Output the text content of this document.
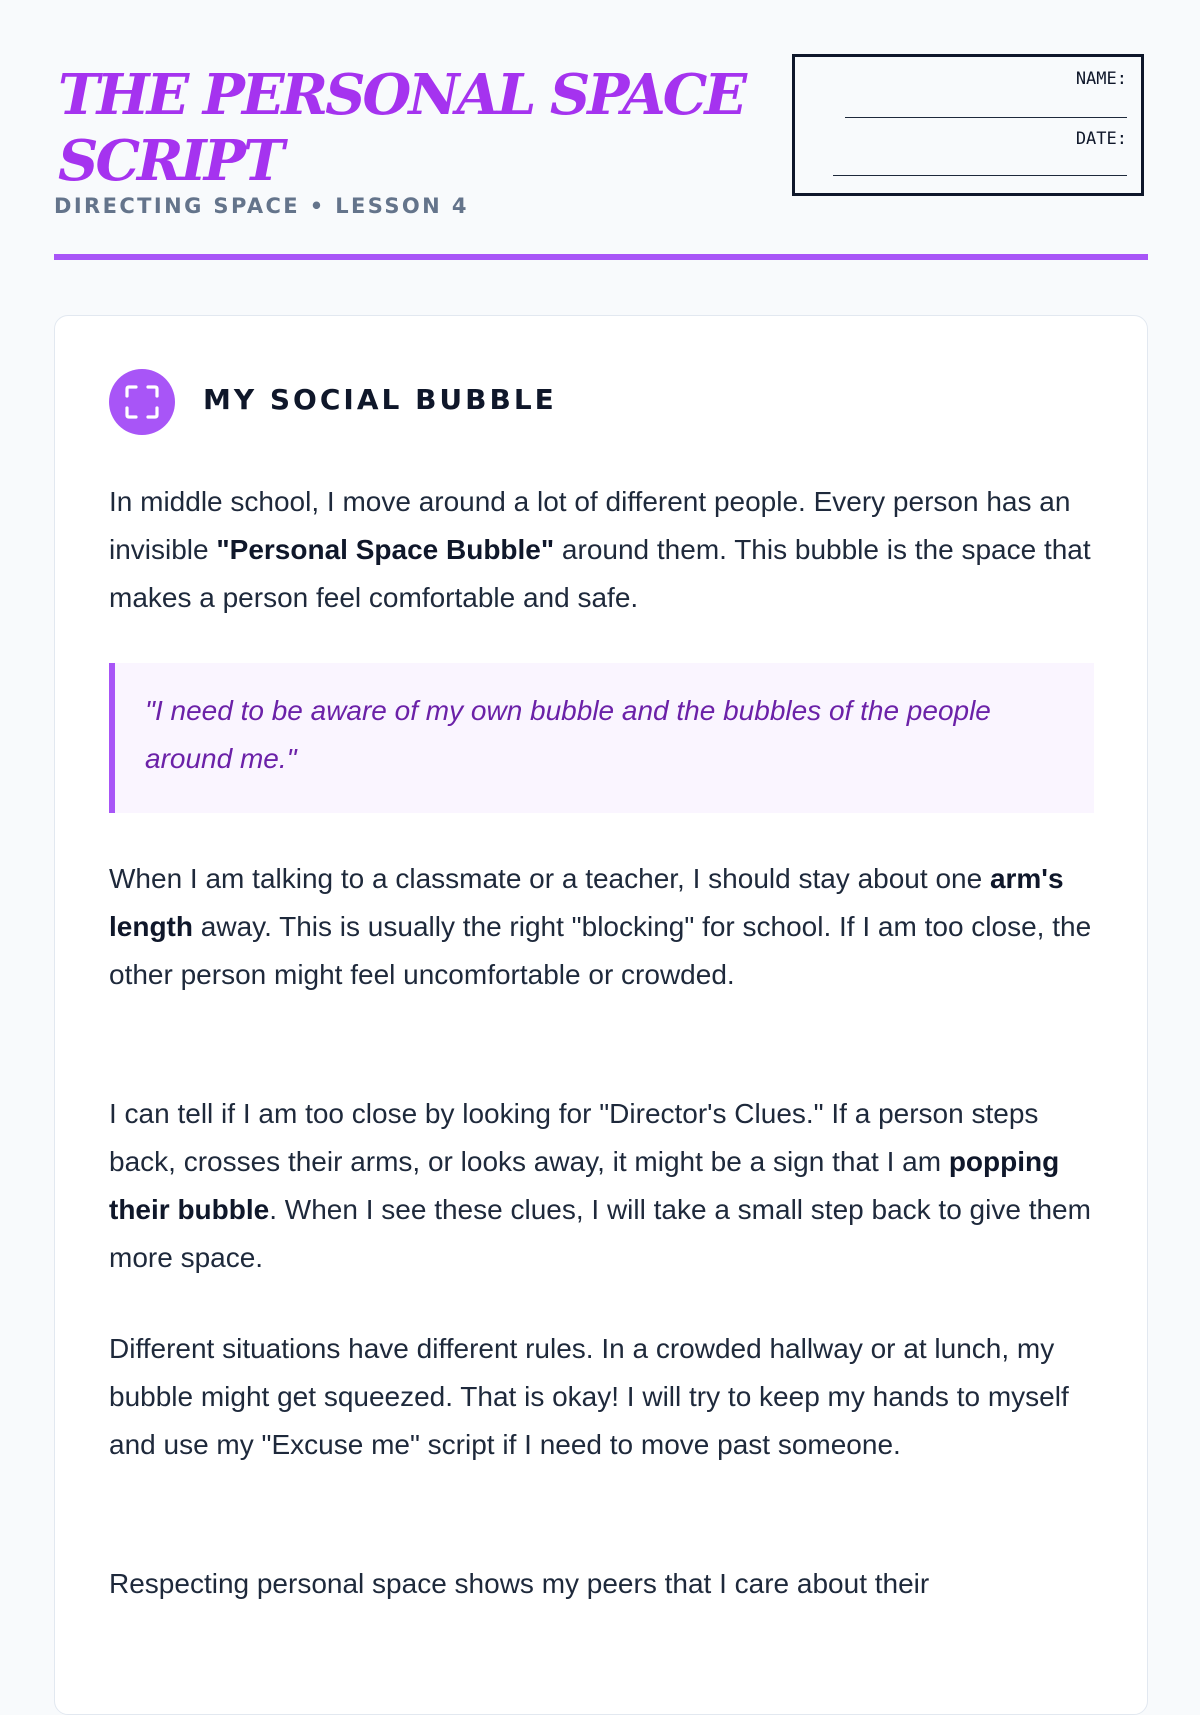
THE PERSONAL SPACE SCRIPT
DIRECTING SPACE • LESSON 4
NAME:
DATE:
MY SOCIAL BUBBLE

In middle school, I move around a lot of different people. Every person has an invisible "Personal Space Bubble" around them. This bubble is the space that makes a person feel comfortable and safe.

"I need to be aware of my own bubble and the bubbles of the people around me."

When I am talking to a classmate or a teacher, I should stay about one arm's length away. This is usually the right "blocking" for school. If I am too close, the other person might feel uncomfortable or crowded.

I can tell if I am too close by looking for "Director's Clues." If a person steps back, crosses their arms, or looks away, it might be a sign that I am popping their bubble. When I see these clues, I will take a small step back to give them more space.

Different situations have different rules. In a crowded hallway or at lunch, my bubble might get squeezed. That is okay! I will try to keep my hands to myself and use my "Excuse me" script if I need to move past someone.

Respecting personal space shows my peers that I care about their
